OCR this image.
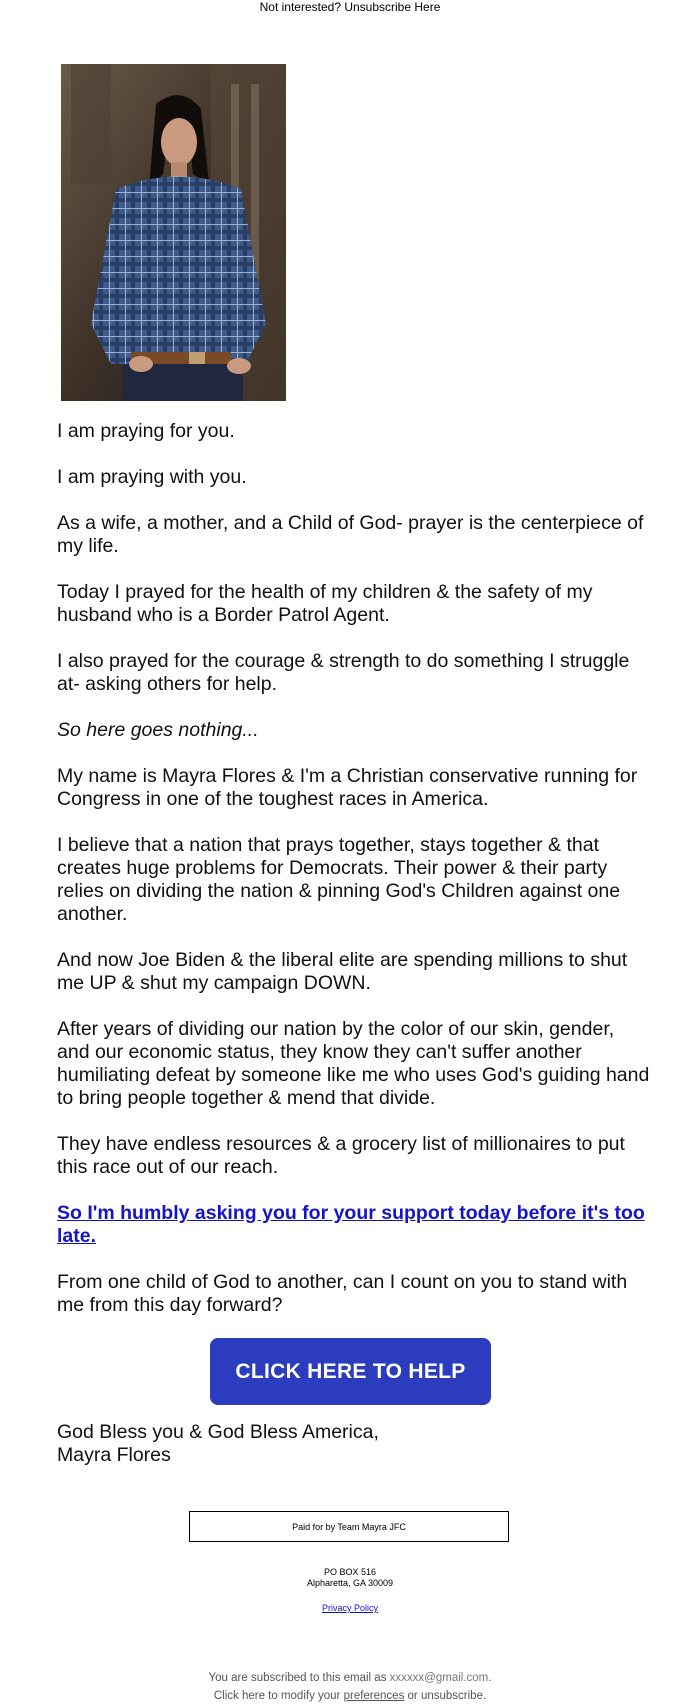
Not interested? Unsubscribe Here

I am praying for you.

I am praying with you.

As a wife, a mother, and a Child of God- prayer is the centerpiece of my life.

Today I prayed for the health of my children & the safety of my husband who is a Border Patrol Agent.

I also prayed for the courage & strength to do something I struggle at- asking others for help.

So here goes nothing...

My name is Mayra Flores & I'm a Christian conservative running for Congress in one of the toughest races in America.

I believe that a nation that prays together, stays together & that creates huge problems for Democrats. Their power & their party relies on dividing the nation & pinning God's Children against one another.

And now Joe Biden & the liberal elite are spending millions to shut me UP & shut my campaign DOWN.

After years of dividing our nation by the color of our skin, gender, and our economic status, they know they can't suffer another humiliating defeat by someone like me who uses God's guiding hand to bring people together & mend that divide.

They have endless resources & a grocery list of millionaires to put this race out of our reach.

So I'm humbly asking you for your support today before it's too late.

From one child of God to another, can I count on you to stand with me from this day forward?

CLICK HERE TO HELP
God Bless you & God Bless America,
Mayra Flores
Paid for by Team Mayra JFC
PO BOX 516
Alpharetta, GA 30009
Privacy Policy
You are subscribed to this email as xxxxxx@gmail.com.
Click here to modify your preferences or unsubscribe.
